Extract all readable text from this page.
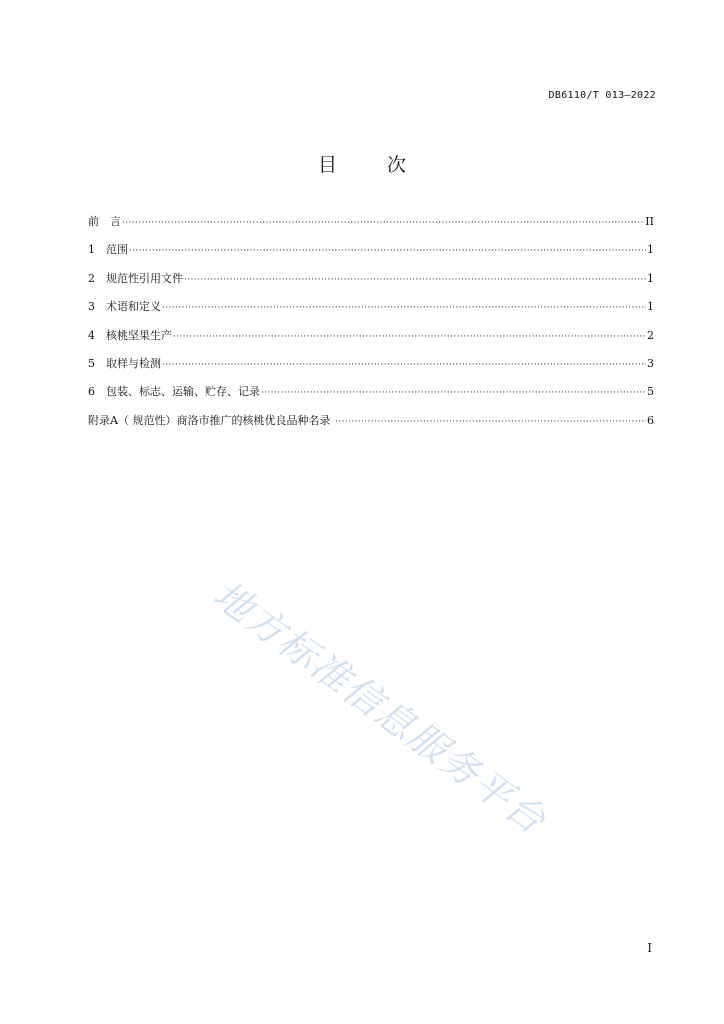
DB6110/T 013—2022
目 次
前　言 ·····	II
1　范围 ·····	1
2　规范性引用文件 ·····	1
3　术语和定义 ·····	1
4　核桃坚果生产 ·····	2
5　取样与检测 ·····	3
6　包装、标志、运输、贮存、记录 ·····	5
附录A（ 规范性）商洛市推广的核桃优良品种名录 ·····	6
地方标准信息服务平台
I
